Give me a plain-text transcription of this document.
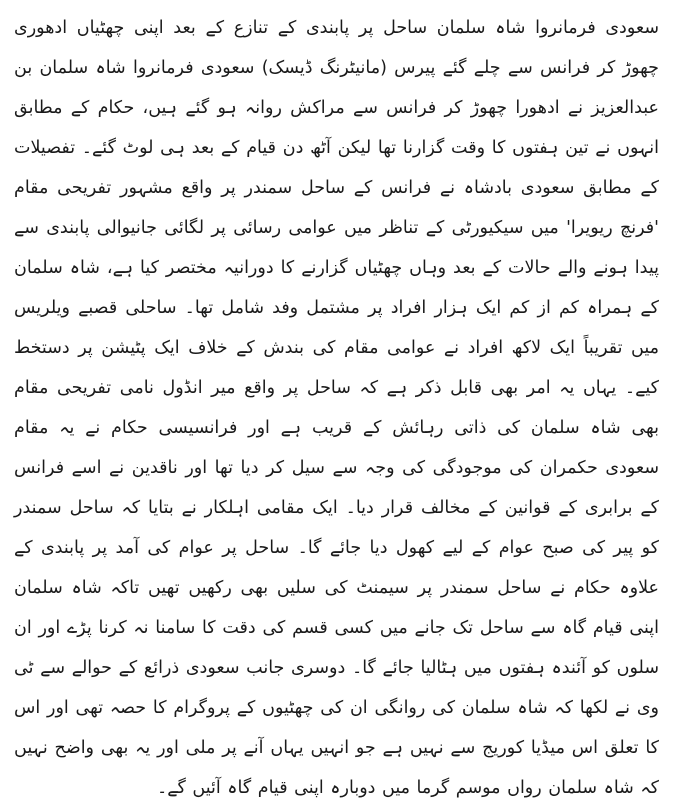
سعودی فرمانروا شاہ سلمان ساحل پر پابندی کے تنازع کے بعد اپنی چھٹیاں ادھوری چھوڑ کر فرانس سے چلے گئے پیرس (مانیٹرنگ ڈیسک) سعودی فرمانروا شاہ سلمان بن عبدالعزیز نے ادھورا چھوڑ کر فرانس سے مراکش روانہ ہو گئے ہیں، حکام کے مطابق انہوں نے تین ہفتوں کا وقت گزارنا تھا لیکن آٹھ دن قیام کے بعد ہی لوٹ گئے۔ تفصیلات کے مطابق سعودی بادشاہ نے فرانس کے ساحل سمندر پر واقع مشہور تفریحی مقام 'فرنچ ریویرا' میں سیکیورٹی کے تناظر میں عوامی رسائی پر لگائی جانیوالی پابندی سے پیدا ہونے والے حالات کے بعد وہاں چھٹیاں گزارنے کا دورانیہ مختصر کیا ہے، شاہ سلمان کے ہمراہ کم از کم ایک ہزار افراد پر مشتمل وفد شامل تھا۔ ساحلی قصبے ویلریس میں تقریباً ایک لاکھ افراد نے عوامی مقام کی بندش کے خلاف ایک پٹیشن پر دستخط کیے۔ یہاں یہ امر بھی قابل ذکر ہے کہ ساحل پر واقع میر انڈول نامی تفریحی مقام بھی شاہ سلمان کی ذاتی رہائش کے قریب ہے اور فرانسیسی حکام نے یہ مقام سعودی حکمران کی موجودگی کی وجہ سے سیل کر دیا تھا اور ناقدین نے اسے فرانس کے برابری کے قوانین کے مخالف قرار دیا۔ ایک مقامی اہلکار نے بتایا کہ ساحل سمندر کو پیر کی صبح عوام کے لیے کھول دیا جائے گا۔ ساحل پر عوام کی آمد پر پابندی کے علاوہ حکام نے ساحل سمندر پر سیمنٹ کی سلیں بھی رکھیں تھیں تاکہ شاہ سلمان اپنی قیام گاہ سے ساحل تک جانے میں کسی قسم کی دقت کا سامنا نہ کرنا پڑے اور ان سلوں کو آئندہ ہفتوں میں ہٹالیا جائے گا۔ دوسری جانب سعودی ذرائع کے حوالے سے ٹی وی نے لکھا کہ شاہ سلمان کی روانگی ان کی چھٹیوں کے پروگرام کا حصہ تھی اور اس کا تعلق اس میڈیا کوریج سے نہیں ہے جو انہیں یہاں آنے پر ملی اور یہ بھی واضح نہیں کہ شاہ سلمان رواں موسم گرما میں دوبارہ اپنی قیام گاہ آئیں گے۔
